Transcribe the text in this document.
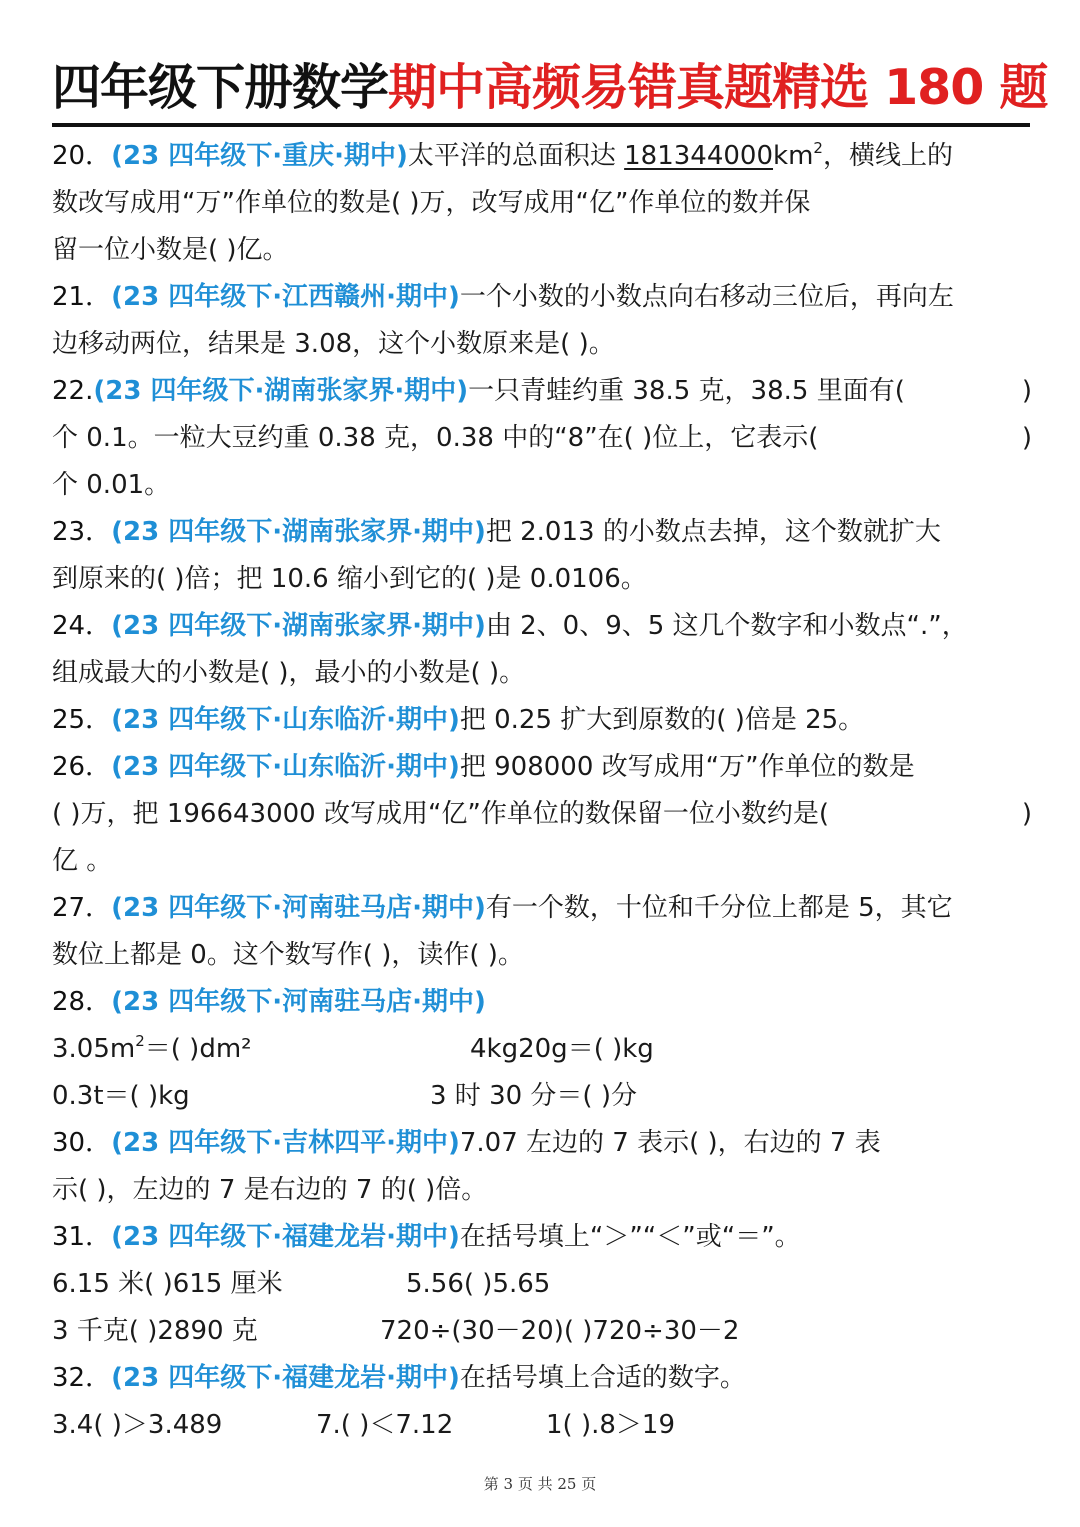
四年级下册数学期中高频易错真题精选 180 题
20．(23 四年级下·重庆·期中)太平洋的总面积达 $181344000km^2$，横线上的
数改写成用“万”作单位的数是( )万，改写成用“亿”作单位的数并保
留一位小数是( )亿。
21．(23 四年级下·江西赣州·期中)一个小数的小数点向右移动三位后，再向左
边移动两位，结果是 3.08，这个小数原来是( )。
22.(23 四年级下·湖南张家界·期中)一只青蛙约重 38.5 克，38.5 里面有(	)
个 0.1。一粒大豆约重 0.38 克，0.38 中的“8”在( )位上，它表示(	)
个 0.01。
23．(23 四年级下·湖南张家界·期中)把 2.013 的小数点去掉，这个数就扩大
到原来的( )倍；把 10.6 缩小到它的( )是 0.0106。
24．(23 四年级下·湖南张家界·期中)由 2、0、9、5 这几个数字和小数点“.”，
组成最大的小数是( )，最小的小数是( )。
25．(23 四年级下·山东临沂·期中)把 0.25 扩大到原数的( )倍是 25。
26．(23 四年级下·山东临沂·期中)把 908000 改写成用“万”作单位的数是
( )万，把 196643000 改写成用“亿”作单位的数保留一位小数约是(	)
亿 。
27．(23 四年级下·河南驻马店·期中)有一个数，十位和千分位上都是 5，其它
数位上都是 0。这个数写作( )，读作( )。
28．(23 四年级下·河南驻马店·期中)
$3.05m^2=$( )dm²	4kg20g＝( )kg
0.3t＝( )kg	3 时 30 分＝( )分
30．(23 四年级下·吉林四平·期中)7.07 左边的 7 表示( )，右边的 7 表
示( )，左边的 7 是右边的 7 的( )倍。
31．(23 四年级下·福建龙岩·期中)在括号填上“＞”“＜”或“＝”。
6.15 米( )615 厘米	5.56( )5.65
3 千克( )2890 克	720÷(30－20)( )720÷30－2
32．(23 四年级下·福建龙岩·期中)在括号填上合适的数字。
3.4( )＞3.489	7.( )＜7.12	1( ).8＞19
第 3 页 共 25 页
